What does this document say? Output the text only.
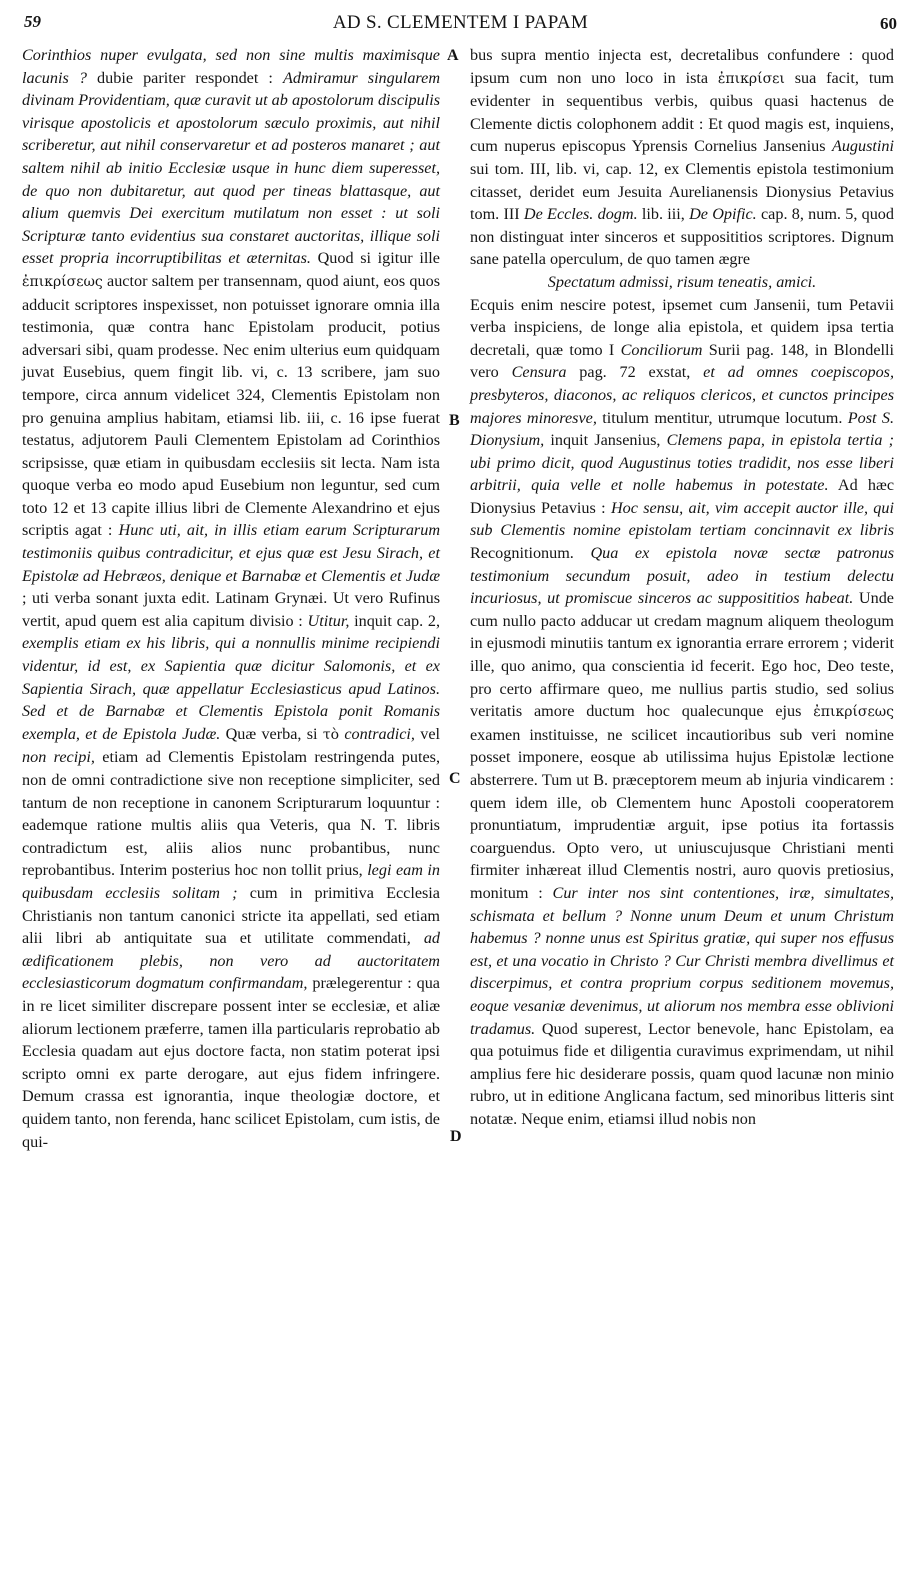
59	AD S. CLEMENTEM I PAPAM	60

Corinthios nuper evulgata, sed non sine multis maximisque lacunis ? dubie pariter respondet : Admiramur singularem divinam Providentiam, quæ curavit ut ab apostolorum discipulis virisque apostolicis et apostolorum sæculo proximis, aut nihil scriberetur, aut nihil conservaretur et ad posteros manaret ; aut saltem nihil ab initio Ecclesiæ usque in hunc diem superesset, de quo non dubitaretur, aut quod per tineas blattasque, aut alium quemvis Dei exercitum mutilatum non esset : ut soli Scripturæ tanto evidentius sua constaret auctoritas, illique soli esset propria incorruptibilitas et æternitas. Quod si igitur ille ἐπικρίσεως auctor saltem per transennam, quod aiunt, eos quos adducit scriptores inspexisset, non potuisset ignorare omnia illa testimonia, quæ contra hanc Epistolam producit, potius adversari sibi, quam prodesse. Nec enim ulterius eum quidquam juvat Eusebius, quem fingit lib. vi, c. 13 scribere, jam suo tempore, circa annum videlicet 324, Clementis Epistolam non pro genuina amplius habitam, etiamsi lib. iii, c. 16 ipse fuerat testatus, adjutorem Pauli Clementem Epistolam ad Corinthios scripsisse, quæ etiam in quibusdam ecclesiis sit lecta. Nam ista quoque verba eo modo apud Eusebium non leguntur, sed cum toto 12 et 13 capite illius libri de Clemente Alexandrino et ejus scriptis agat : Hunc uti, ait, in illis etiam earum Scripturarum testimoniis quibus contradicitur, et ejus quæ est Jesu Sirach, et Epistolæ ad Hebræos, denique et Barnabæ et Clementis et Judæ ; uti verba sonant juxta edit. Latinam Grynæi. Ut vero Rufinus vertit, apud quem est alia capitum divisio : Utitur, inquit cap. 2, exemplis etiam ex his libris, qui a nonnullis minime recipiendi videntur, id est, ex Sapientia quæ dicitur Salomonis, et ex Sapientia Sirach, quæ appellatur Ecclesiasticus apud Latinos. Sed et de Barnabæ et Clementis Epistola ponit Romanis exempla, et de Epistola Judæ. Quæ verba, si τὸ contradici, vel non recipi, etiam ad Clementis Epistolam restringenda putes, non de omni contradictione sive non receptione simpliciter, sed tantum de non receptione in canonem Scripturarum loquuntur : eademque ratione multis aliis qua Veteris, qua N. T. libris contradictum est, aliis alios nunc probantibus, nunc reprobantibus. Interim posterius hoc non tollit prius, legi eam in quibusdam ecclesiis solitam ; cum in primitiva Ecclesia Christianis non tantum canonici stricte ita appellati, sed etiam alii libri ab antiquitate sua et utilitate commendati, ad ædificationem plebis, non vero ad auctoritatem ecclesiasticorum dogmatum confirmandam, prælegerentur : qua in re licet similiter discrepare possent inter se ecclesiæ, et aliæ aliorum lectionem præferre, tamen illa particularis reprobatio ab Ecclesia quadam aut ejus doctore facta, non statim poterat ipsi scripto omni ex parte derogare, aut ejus fidem infringere. Demum crassa est ignorantia, inque theologiæ doctore, et quidem tanto, non ferenda, hanc scilicet Epistolam, cum istis, de qui-

A
B
C
D

bus supra mentio injecta est, decretalibus confundere : quod ipsum cum non uno loco in ista ἐπικρίσει sua facit, tum evidenter in sequentibus verbis, quibus quasi hactenus de Clemente dictis colophonem addit : Et quod magis est, inquiens, cum nuperus episcopus Yprensis Cornelius Jansenius Augustini sui tom. III, lib. vi, cap. 12, ex Clementis epistola testimonium citasset, deridet eum Jesuita Aurelianensis Dionysius Petavius tom. III De Eccles. dogm. lib. iii, De Opific. cap. 8, num. 5, quod non distinguat inter sinceros et supposititios scriptores. Dignum sane patella operculum, de quo tamen ægre

Spectatum admissi, risum teneatis, amici.

Ecquis enim nescire potest, ipsemet cum Jansenii, tum Petavii verba inspiciens, de longe alia epistola, et quidem ipsa tertia decretali, quæ tomo I Conciliorum Surii pag. 148, in Blondelli vero Censura pag. 72 exstat, et ad omnes coepiscopos, presbyteros, diaconos, ac reliquos clericos, et cunctos principes majores minoresve, titulum mentitur, utrumque locutum. Post S. Dionysium, inquit Jansenius, Clemens papa, in epistola tertia ; ubi primo dicit, quod Augustinus toties tradidit, nos esse liberi arbitrii, quia velle et nolle habemus in potestate. Ad hæc Dionysius Petavius : Hoc sensu, ait, vim accepit auctor ille, qui sub Clementis nomine epistolam tertiam concinnavit ex libris Recognitionum. Qua ex epistola novæ sectæ patronus testimonium secundum posuit, adeo in testium delectu incuriosus, ut promiscue sinceros ac supposititios habeat. Unde cum nullo pacto adducar ut credam magnum aliquem theologum in ejusmodi minutiis tantum ex ignorantia errare errorem ; viderit ille, quo animo, qua conscientia id fecerit. Ego hoc, Deo teste, pro certo affirmare queo, me nullius partis studio, sed solius veritatis amore ductum hoc qualecunque ejus ἐπικρίσεως examen instituisse, ne scilicet incautioribus sub veri nomine posset imponere, eosque ab utilissima hujus Epistolæ lectione absterrere. Tum ut B. præceptorem meum ab injuria vindicarem : quem idem ille, ob Clementem hunc Apostoli cooperatorem pronuntiatum, imprudentiæ arguit, ipse potius ita fortassis coarguendus. Opto vero, ut uniuscujusque Christiani menti firmiter inhæreat illud Clementis nostri, auro quovis pretiosius, monitum : Cur inter nos sint contentiones, iræ, simultates, schismata et bellum ? Nonne unum Deum et unum Christum habemus ? nonne unus est Spiritus gratiæ, qui super nos effusus est, et una vocatio in Christo ? Cur Christi membra divellimus et discerpimus, et contra proprium corpus seditionem movemus, eoque vesaniæ devenimus, ut aliorum nos membra esse oblivioni tradamus. Quod superest, Lector benevole, hanc Epistolam, ea qua potuimus fide et diligentia curavimus exprimendam, ut nihil amplius fere hic desiderare possis, quam quod lacunæ non minio rubro, ut in editione Anglicana factum, sed minoribus litteris sint notatæ. Neque enim, etiamsi illud nobis non
